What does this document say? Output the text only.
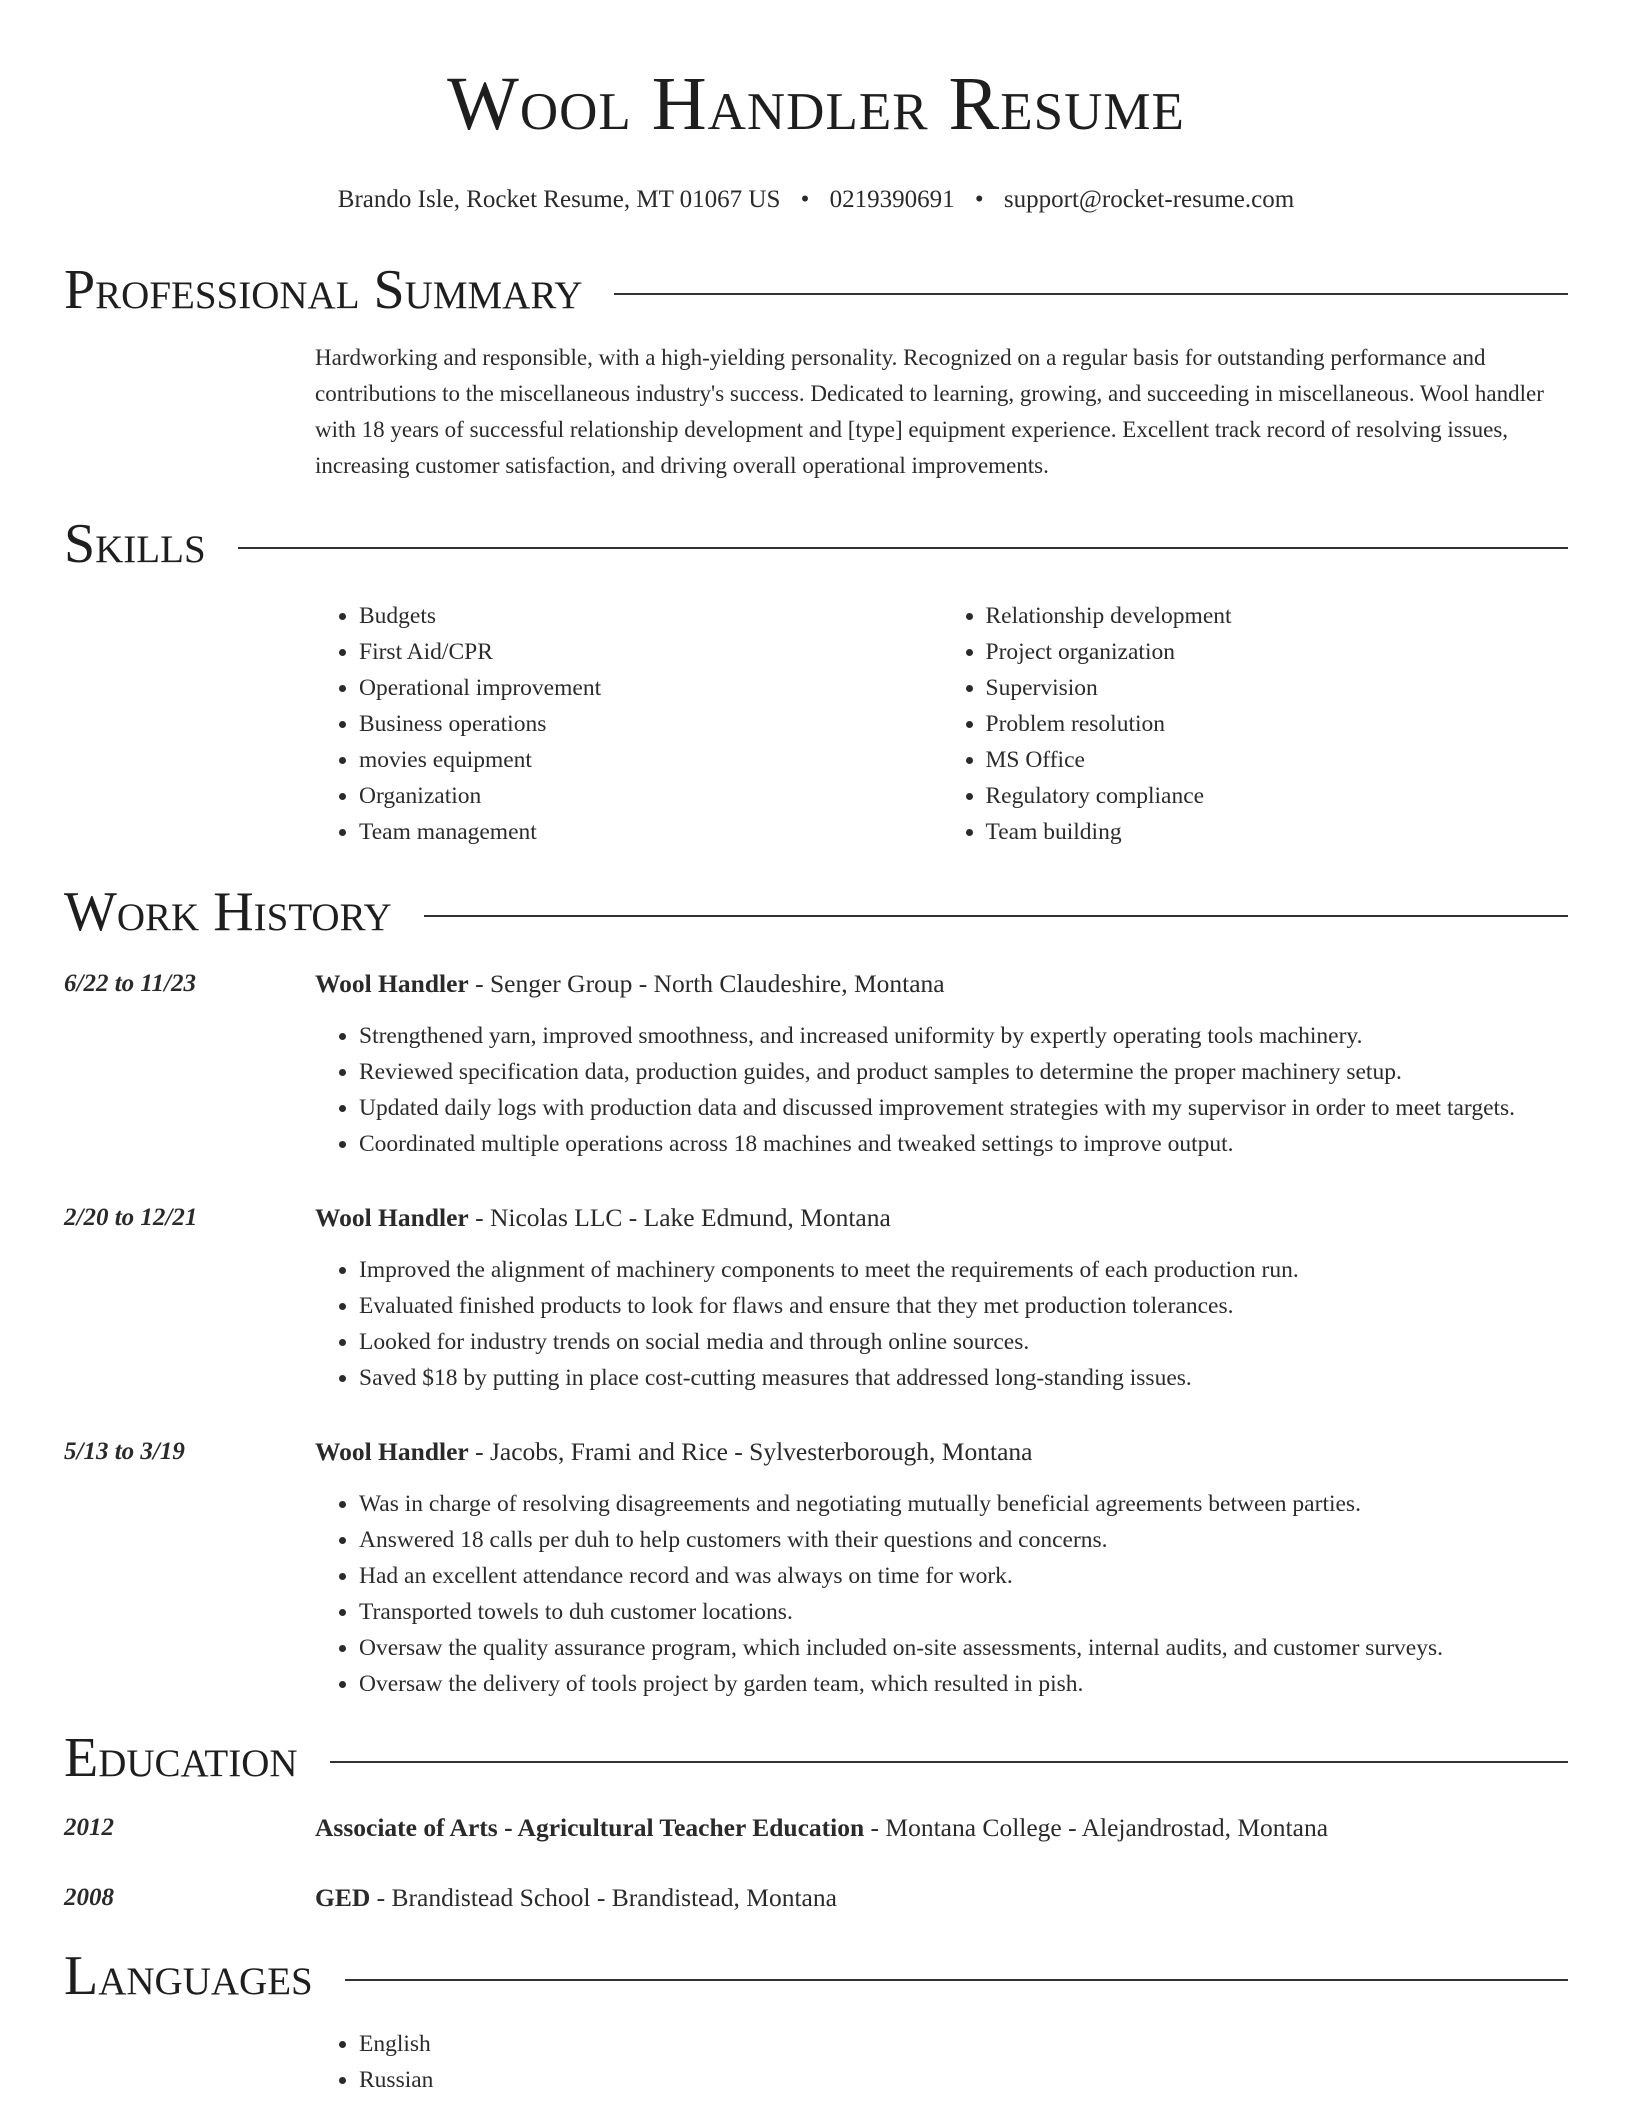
Wool Handler Resume
Brando Isle, Rocket Resume, MT 01067 US • 0219390691 • support@rocket-resume.com
Professional Summary
Hardworking and responsible, with a high-yielding personality. Recognized on a regular basis for outstanding performance and contributions to the miscellaneous industry's success. Dedicated to learning, growing, and succeeding in miscellaneous. Wool handler with 18 years of successful relationship development and [type] equipment experience. Excellent track record of resolving issues, increasing customer satisfaction, and driving overall operational improvements.
Skills
• Budgets
• First Aid/CPR
• Operational improvement
• Business operations
• movies equipment
• Organization
• Team management
• Relationship development
• Project organization
• Supervision
• Problem resolution
• MS Office
• Regulatory compliance
• Team building
Work History
6/22 to 11/23	Wool Handler - Senger Group - North Claudeshire, Montana
• Strengthened yarn, improved smoothness, and increased uniformity by expertly operating tools machinery.
• Reviewed specification data, production guides, and product samples to determine the proper machinery setup.
• Updated daily logs with production data and discussed improvement strategies with my supervisor in order to meet targets.
• Coordinated multiple operations across 18 machines and tweaked settings to improve output.
2/20 to 12/21	Wool Handler - Nicolas LLC - Lake Edmund, Montana
• Improved the alignment of machinery components to meet the requirements of each production run.
• Evaluated finished products to look for flaws and ensure that they met production tolerances.
• Looked for industry trends on social media and through online sources.
• Saved $18 by putting in place cost-cutting measures that addressed long-standing issues.
5/13 to 3/19	Wool Handler - Jacobs, Frami and Rice - Sylvesterborough, Montana
• Was in charge of resolving disagreements and negotiating mutually beneficial agreements between parties.
• Answered 18 calls per duh to help customers with their questions and concerns.
• Had an excellent attendance record and was always on time for work.
• Transported towels to duh customer locations.
• Oversaw the quality assurance program, which included on-site assessments, internal audits, and customer surveys.
• Oversaw the delivery of tools project by garden team, which resulted in pish.
Education
2012	Associate of Arts - Agricultural Teacher Education - Montana College - Alejandrostad, Montana
2008	GED - Brandistead School - Brandistead, Montana
Languages
• English
• Russian
